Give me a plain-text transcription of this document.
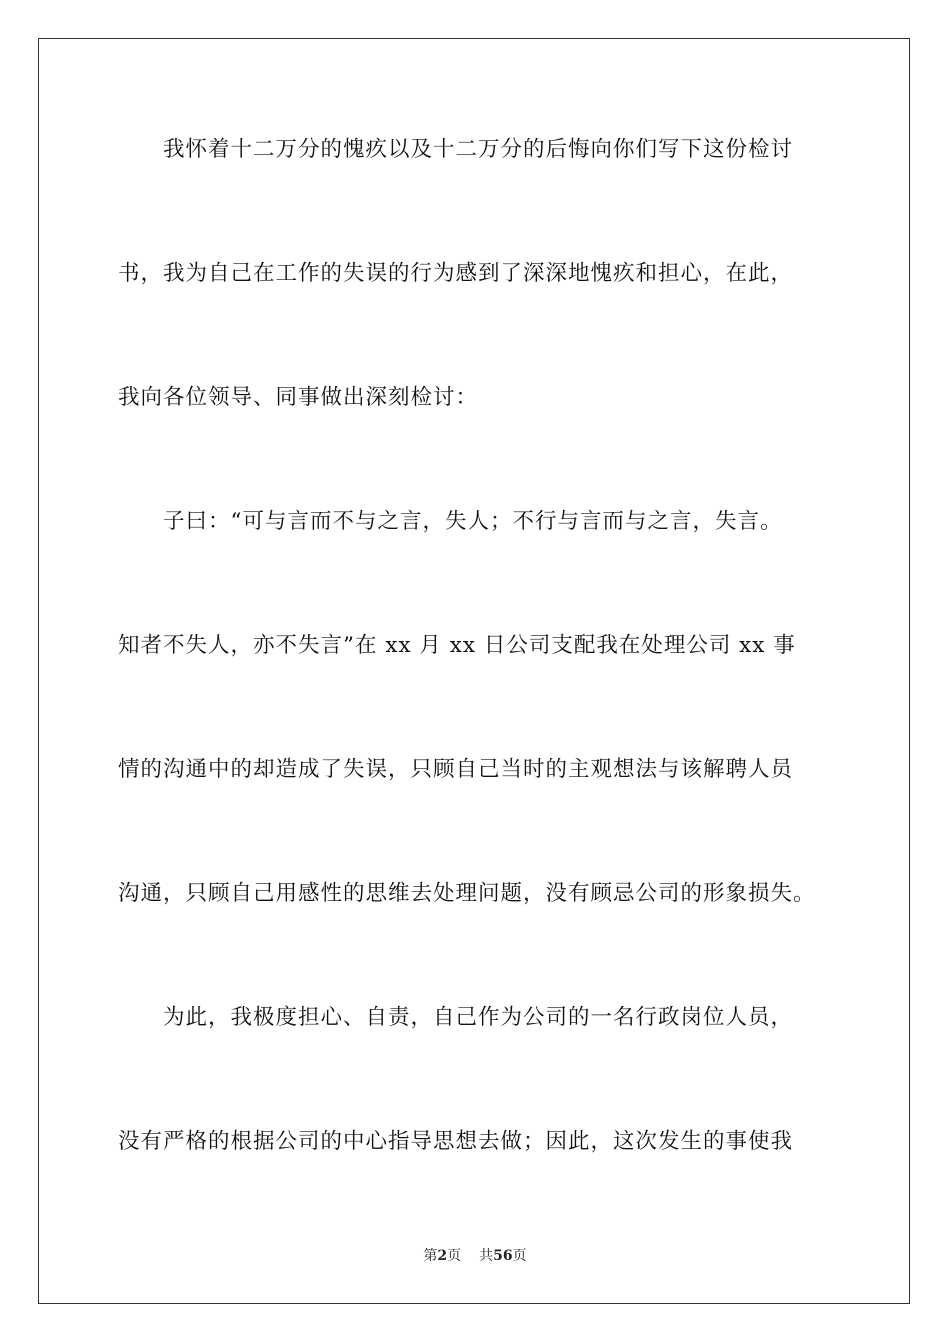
我怀着十二万分的愧疚以及十二万分的后悔向你们写下这份检讨
书，我为自己在工作的失误的行为感到了深深地愧疚和担心，在此，
我向各位领导、同事做出深刻检讨：
子曰：“可与言而不与之言，失人；不行与言而与之言，失言。
知者不失人，亦不失言”在 xx 月 xx 日公司支配我在处理公司 xx 事
情的沟通中的却造成了失误，只顾自己当时的主观想法与该解聘人员
沟通，只顾自己用感性的思维去处理问题，没有顾忌公司的形象损失。
为此，我极度担心、自责，自己作为公司的一名行政岗位人员，
没有严格的根据公司的中心指导思想去做；因此，这次发生的事使我
第2页 共56页
